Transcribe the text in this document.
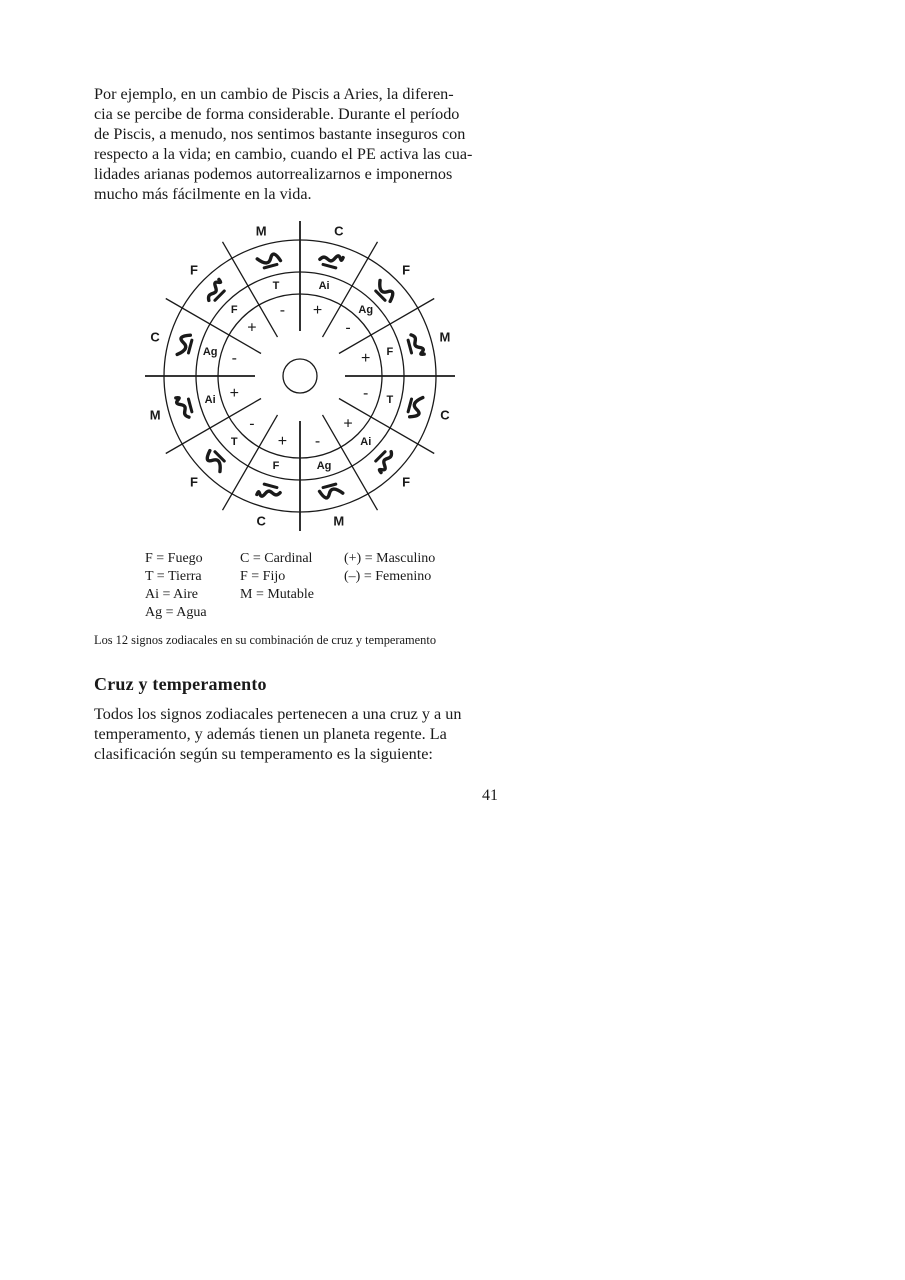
Por ejemplo, en un cambio de Piscis a Aries, la diferen-
cia se percibe de forma considerable. Durante el período
de Piscis, a menudo, nos sentimos bastante inseguros con
respecto a la vida; en cambio, cuando el PE activa las cua-
lidades arianas podemos autorrealizarnos e imponernos
mucho más fácilmente en la vida.
M
F
+
F
Ag
-
C
Ai
+
M
T
-
F
F
+
C
Ag -
M
Ai +
F
T
-
C
F
+
M
Ag
-
F
Ai
+
C
T
-
F = Fuego
T = Tierra
Ai = Aire
Ag = Agua
C = Cardinal
F = Fijo
M = Mutable
(+) = Masculino
(–) = Femenino
Los 12 signos zodiacales en su combinación de cruz y temperamento
Cruz y temperamento
Todos los signos zodiacales pertenecen a una cruz y a un
temperamento, y además tienen un planeta regente. La
clasificación según su temperamento es la siguiente:
41
